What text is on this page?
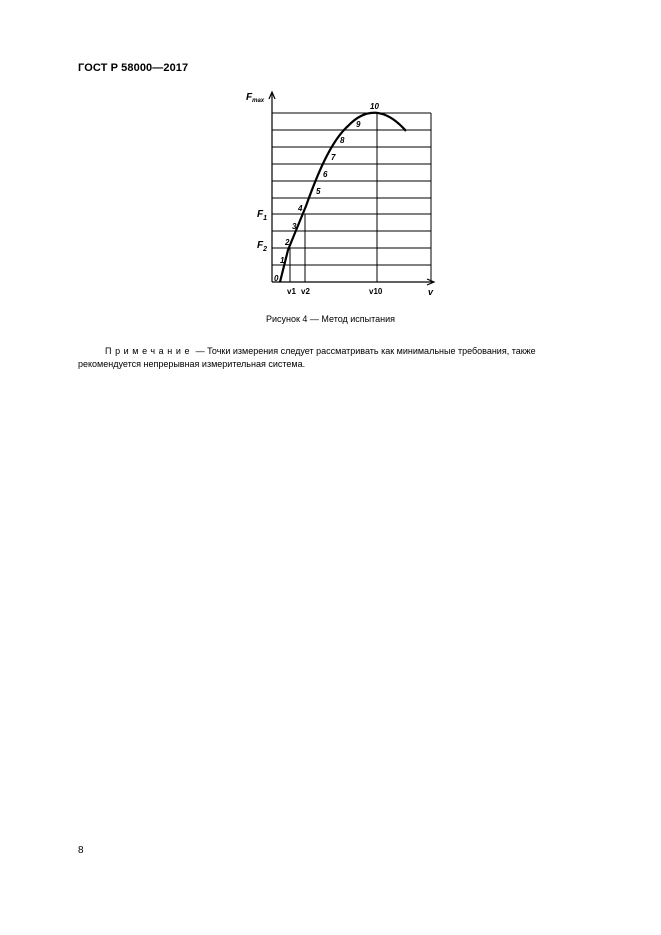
ГОСТ Р 58000—2017
$F_{max}$
$F_1$
$F_2$
v
v1 v2	v10
0
1
2
3
4
5
6
7
8
9
10
Рисунок 4 — Метод испытания
Примечание — Точки измерения следует рассматривать как минимальные требования, также
рекомендуется непрерывная измерительная система.
8
